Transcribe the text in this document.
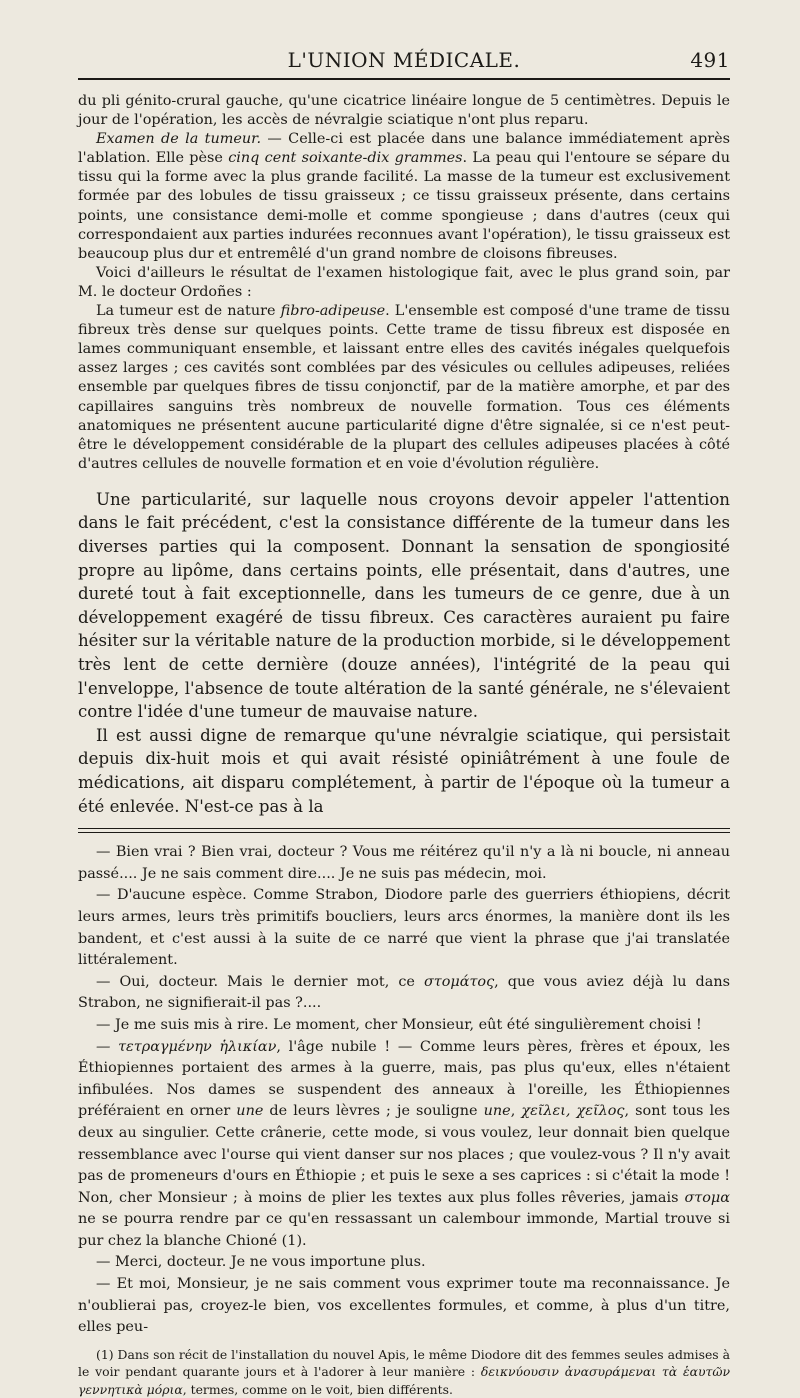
L'UNION MÉDICALE.	491

du pli génito-crural gauche, qu'une cicatrice linéaire longue de 5 centimètres. Depuis le jour de l'opération, les accès de névralgie sciatique n'ont plus reparu.

Examen de la tumeur. — Celle-ci est placée dans une balance immédiatement après l'ablation. Elle pèse cinq cent soixante-dix grammes. La peau qui l'entoure se sépare du tissu qui la forme avec la plus grande facilité. La masse de la tumeur est exclusivement formée par des lobules de tissu graisseux ; ce tissu graisseux présente, dans certains points, une consistance demi-molle et comme spongieuse ; dans d'autres (ceux qui correspondaient aux parties indurées reconnues avant l'opération), le tissu graisseux est beaucoup plus dur et entremêlé d'un grand nombre de cloisons fibreuses.

Voici d'ailleurs le résultat de l'examen histologique fait, avec le plus grand soin, par M. le docteur Ordoñes :

La tumeur est de nature fibro-adipeuse. L'ensemble est composé d'une trame de tissu fibreux très dense sur quelques points. Cette trame de tissu fibreux est disposée en lames communiquant ensemble, et laissant entre elles des cavités inégales quelquefois assez larges ; ces cavités sont comblées par des vésicules ou cellules adipeuses, reliées ensemble par quelques fibres de tissu conjonctif, par de la matière amorphe, et par des capillaires sanguins très nombreux de nouvelle formation. Tous ces éléments anatomiques ne présentent aucune particularité digne d'être signalée, si ce n'est peut-être le développement considérable de la plupart des cellules adipeuses placées à côté d'autres cellules de nouvelle formation et en voie d'évolution régulière.

Une particularité, sur laquelle nous croyons devoir appeler l'attention dans le fait précédent, c'est la consistance différente de la tumeur dans les diverses parties qui la composent. Donnant la sensation de spongiosité propre au lipôme, dans certains points, elle présentait, dans d'autres, une dureté tout à fait exceptionnelle, dans les tumeurs de ce genre, due à un développement exagéré de tissu fibreux. Ces caractères auraient pu faire hésiter sur la véritable nature de la production morbide, si le développement très lent de cette dernière (douze années), l'intégrité de la peau qui l'enveloppe, l'absence de toute altération de la santé générale, ne s'élevaient contre l'idée d'une tumeur de mauvaise nature.

Il est aussi digne de remarque qu'une névralgie sciatique, qui persistait depuis dix-huit mois et qui avait résisté opiniâtrément à une foule de médications, ait disparu complétement, à partir de l'époque où la tumeur a été enlevée. N'est-ce pas à la

— Bien vrai ? Bien vrai, docteur ? Vous me réitérez qu'il n'y a là ni boucle, ni anneau passé.... Je ne sais comment dire.... Je ne suis pas médecin, moi.

— D'aucune espèce. Comme Strabon, Diodore parle des guerriers éthiopiens, décrit leurs armes, leurs très primitifs boucliers, leurs arcs énormes, la manière dont ils les bandent, et c'est aussi à la suite de ce narré que vient la phrase que j'ai translatée littéralement.

— Oui, docteur. Mais le dernier mot, ce στομάτος, que vous aviez déjà lu dans Strabon, ne signifierait-il pas ?....

— Je me suis mis à rire. Le moment, cher Monsieur, eût été singulièrement choisi !

— τετραγμένην ἡλικίαν, l'âge nubile ! — Comme leurs pères, frères et époux, les Éthiopiennes portaient des armes à la guerre, mais, pas plus qu'eux, elles n'étaient infibulées. Nos dames se suspendent des anneaux à l'oreille, les Éthiopiennes préféraient en orner une de leurs lèvres ; je souligne une, χεῖλει, χεῖλος, sont tous les deux au singulier. Cette crânerie, cette mode, si vous voulez, leur donnait bien quelque ressemblance avec l'ourse qui vient danser sur nos places ; que voulez-vous ? Il n'y avait pas de promeneurs d'ours en Éthiopie ; et puis le sexe a ses caprices : si c'était la mode ! Non, cher Monsieur ; à moins de plier les textes aux plus folles rêveries, jamais στομα ne se pourra rendre par ce qu'en ressassant un calembour immonde, Martial trouve si pur chez la blanche Chioné (1).

— Merci, docteur. Je ne vous importune plus.

— Et moi, Monsieur, je ne sais comment vous exprimer toute ma reconnaissance. Je n'oublierai pas, croyez-le bien, vos excellentes formules, et comme, à plus d'un titre, elles peu-

(1) Dans son récit de l'installation du nouvel Apis, le même Diodore dit des femmes seules admises à le voir pendant quarante jours et à l'adorer à leur manière : δεικνύουσιν ἀνασυράμεναι τὰ ἑαυτῶν γεννητικὰ μόρια, termes, comme on le voit, bien différents.
